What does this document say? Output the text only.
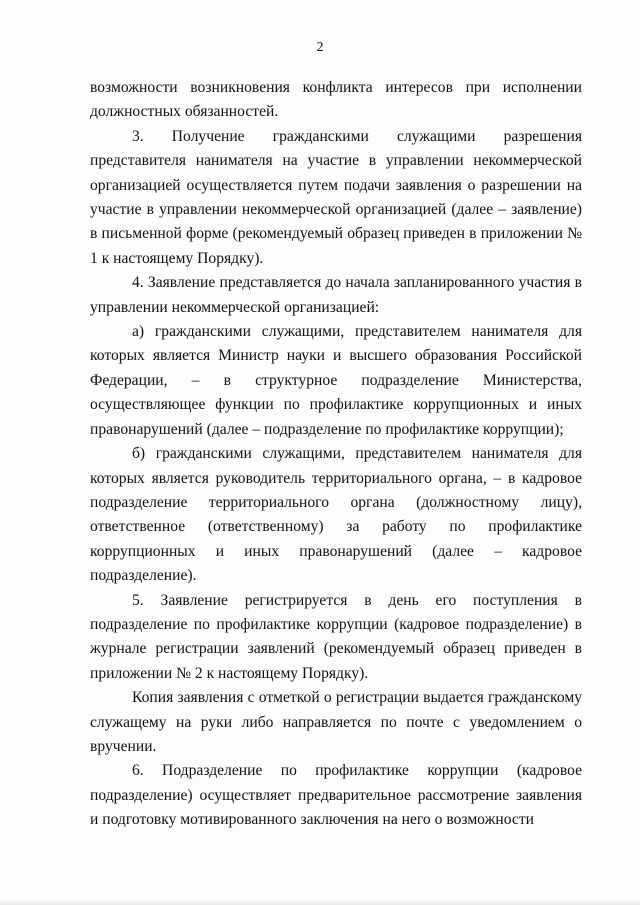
2

возможности возникновения конфликта интересов при исполнении должностных обязанностей.

3. Получение гражданскими служащими разрешения представителя нанимателя на участие в управлении некоммерческой организацией осуществляется путем подачи заявления о разрешении на участие в управлении некоммерческой организацией (далее – заявление) в письменной форме (рекомендуемый образец приведен в приложении № 1 к настоящему Порядку).

4. Заявление представляется до начала запланированного участия в управлении некоммерческой организацией:

а) гражданскими служащими, представителем нанимателя для которых является Министр науки и высшего образования Российской Федерации, – в структурное подразделение Министерства, осуществляющее функции по профилактике коррупционных и иных правонарушений (далее – подразделение по профилактике коррупции);

б) гражданскими служащими, представителем нанимателя для которых является руководитель территориального органа, – в кадровое подразделение территориального органа (должностному лицу), ответственное (ответственному) за работу по профилактике коррупционных и иных правонарушений (далее – кадровое подразделение).

5. Заявление регистрируется в день его поступления в подразделение по профилактике коррупции (кадровое подразделение) в журнале регистрации заявлений (рекомендуемый образец приведен в приложении № 2 к настоящему Порядку).

Копия заявления с отметкой о регистрации выдается гражданскому служащему на руки либо направляется по почте с уведомлением о вручении.

6. Подразделение по профилактике коррупции (кадровое подразделение) осуществляет предварительное рассмотрение заявления и подготовку мотивированного заключения на него о возможности
